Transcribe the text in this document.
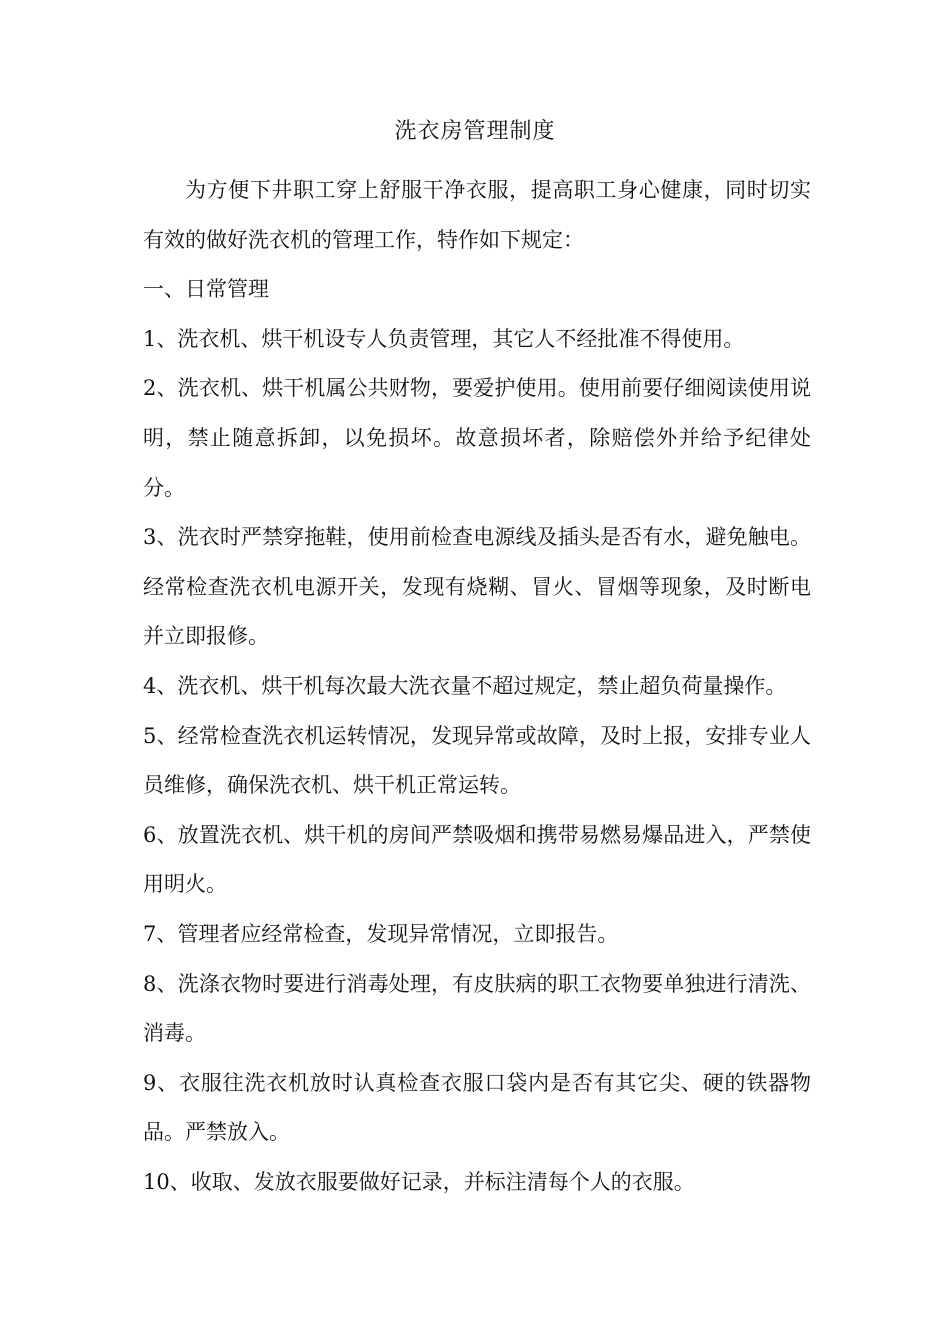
洗衣房管理制度

为方便下井职工穿上舒服干净衣服，提高职工身心健康，同时切实有效的做好洗衣机的管理工作，特作如下规定：

一、日常管理

1、洗衣机、烘干机设专人负责管理，其它人不经批准不得使用。

2、洗衣机、烘干机属公共财物，要爱护使用。使用前要仔细阅读使用说明，禁止随意拆卸，以免损坏。故意损坏者，除赔偿外并给予纪律处分。

3、洗衣时严禁穿拖鞋，使用前检查电源线及插头是否有水，避免触电。经常检查洗衣机电源开关，发现有烧糊、冒火、冒烟等现象，及时断电并立即报修。

4、洗衣机、烘干机每次最大洗衣量不超过规定，禁止超负荷量操作。

5、经常检查洗衣机运转情况，发现异常或故障，及时上报，安排专业人员维修，确保洗衣机、烘干机正常运转。

6、放置洗衣机、烘干机的房间严禁吸烟和携带易燃易爆品进入，严禁使用明火。

7、管理者应经常检查，发现异常情况，立即报告。

8、洗涤衣物时要进行消毒处理，有皮肤病的职工衣物要单独进行清洗、消毒。

9、衣服往洗衣机放时认真检查衣服口袋内是否有其它尖、硬的铁器物品。严禁放入。

10、收取、发放衣服要做好记录，并标注清每个人的衣服。
